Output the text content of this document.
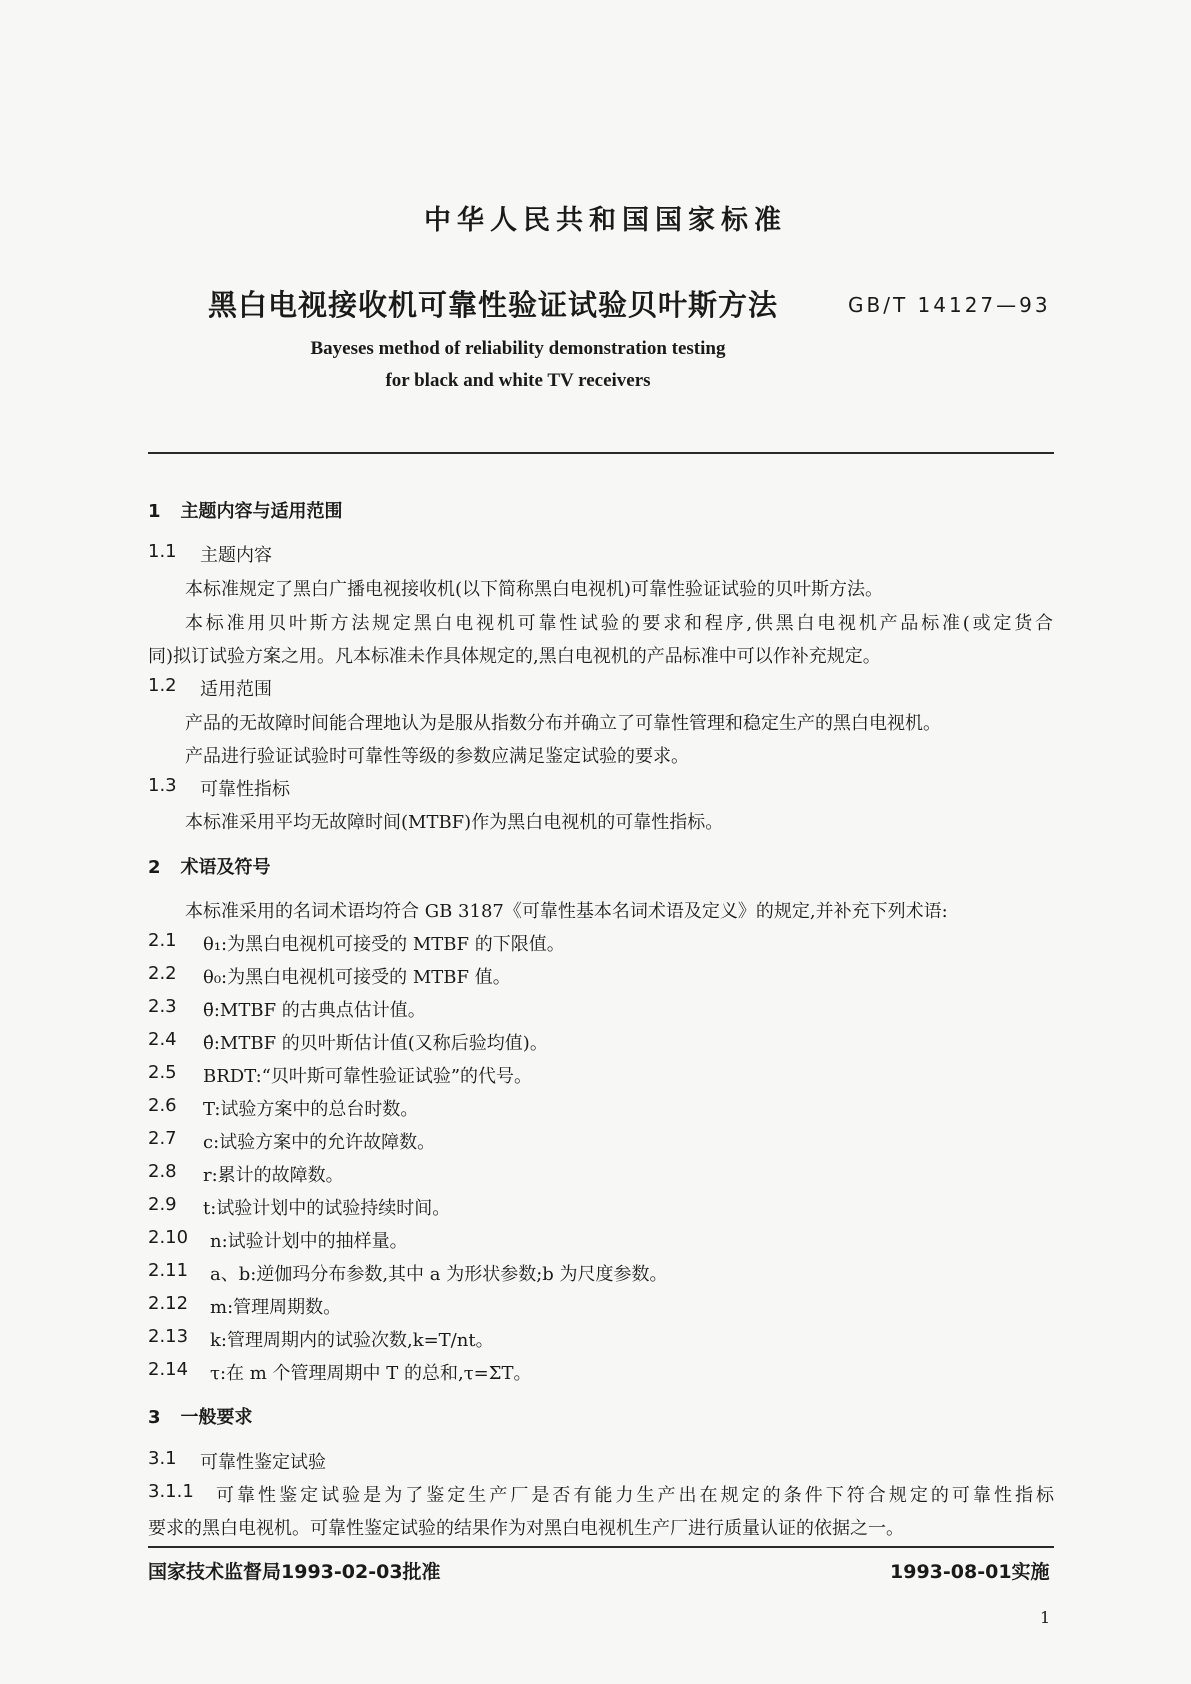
中华人民共和国国家标准
黑白电视接收机可靠性验证试验贝叶斯方法	GB/T 14127—93
Bayeses method of reliability demonstration testing
for black and white TV receivers
1 主题内容与适用范围
1.1 主题内容
本标准规定了黑白广播电视接收机(以下简称黑白电视机)可靠性验证试验的贝叶斯方法。
本标准用贝叶斯方法规定黑白电视机可靠性试验的要求和程序,供黑白电视机产品标准(或定货合
同)拟订试验方案之用。凡本标准未作具体规定的,黑白电视机的产品标准中可以作补充规定。
1.2 适用范围
产品的无故障时间能合理地认为是服从指数分布并确立了可靠性管理和稳定生产的黑白电视机。
产品进行验证试验时可靠性等级的参数应满足鉴定试验的要求。
1.3 可靠性指标
本标准采用平均无故障时间(MTBF)作为黑白电视机的可靠性指标。
2 术语及符号
本标准采用的名词术语均符合 GB 3187《可靠性基本名词术语及定义》的规定,并补充下列术语:
2.1 θ₁:为黑白电视机可接受的 MTBF 的下限值。
2.2 θ₀:为黑白电视机可接受的 MTBF 值。
2.3 θ̄:MTBF 的古典点估计值。
2.4 θ̂:MTBF 的贝叶斯估计值(又称后验均值)。
2.5 BRDT:“贝叶斯可靠性验证试验”的代号。
2.6 T:试验方案中的总台时数。
2.7 c:试验方案中的允许故障数。
2.8 r:累计的故障数。
2.9 t:试验计划中的试验持续时间。
2.10 n:试验计划中的抽样量。
2.11 a、b:逆伽玛分布参数,其中 a 为形状参数;b 为尺度参数。
2.12 m:管理周期数。
2.13 k:管理周期内的试验次数,k=T/nt。
2.14 τ:在 m 个管理周期中 T 的总和,τ=ΣT。
3 一般要求
3.1 可靠性鉴定试验
3.1.1 可靠性鉴定试验是为了鉴定生产厂是否有能力生产出在规定的条件下符合规定的可靠性指标
要求的黑白电视机。可靠性鉴定试验的结果作为对黑白电视机生产厂进行质量认证的依据之一。
国家技术监督局1993-02-03批准	1993-08-01实施
1
